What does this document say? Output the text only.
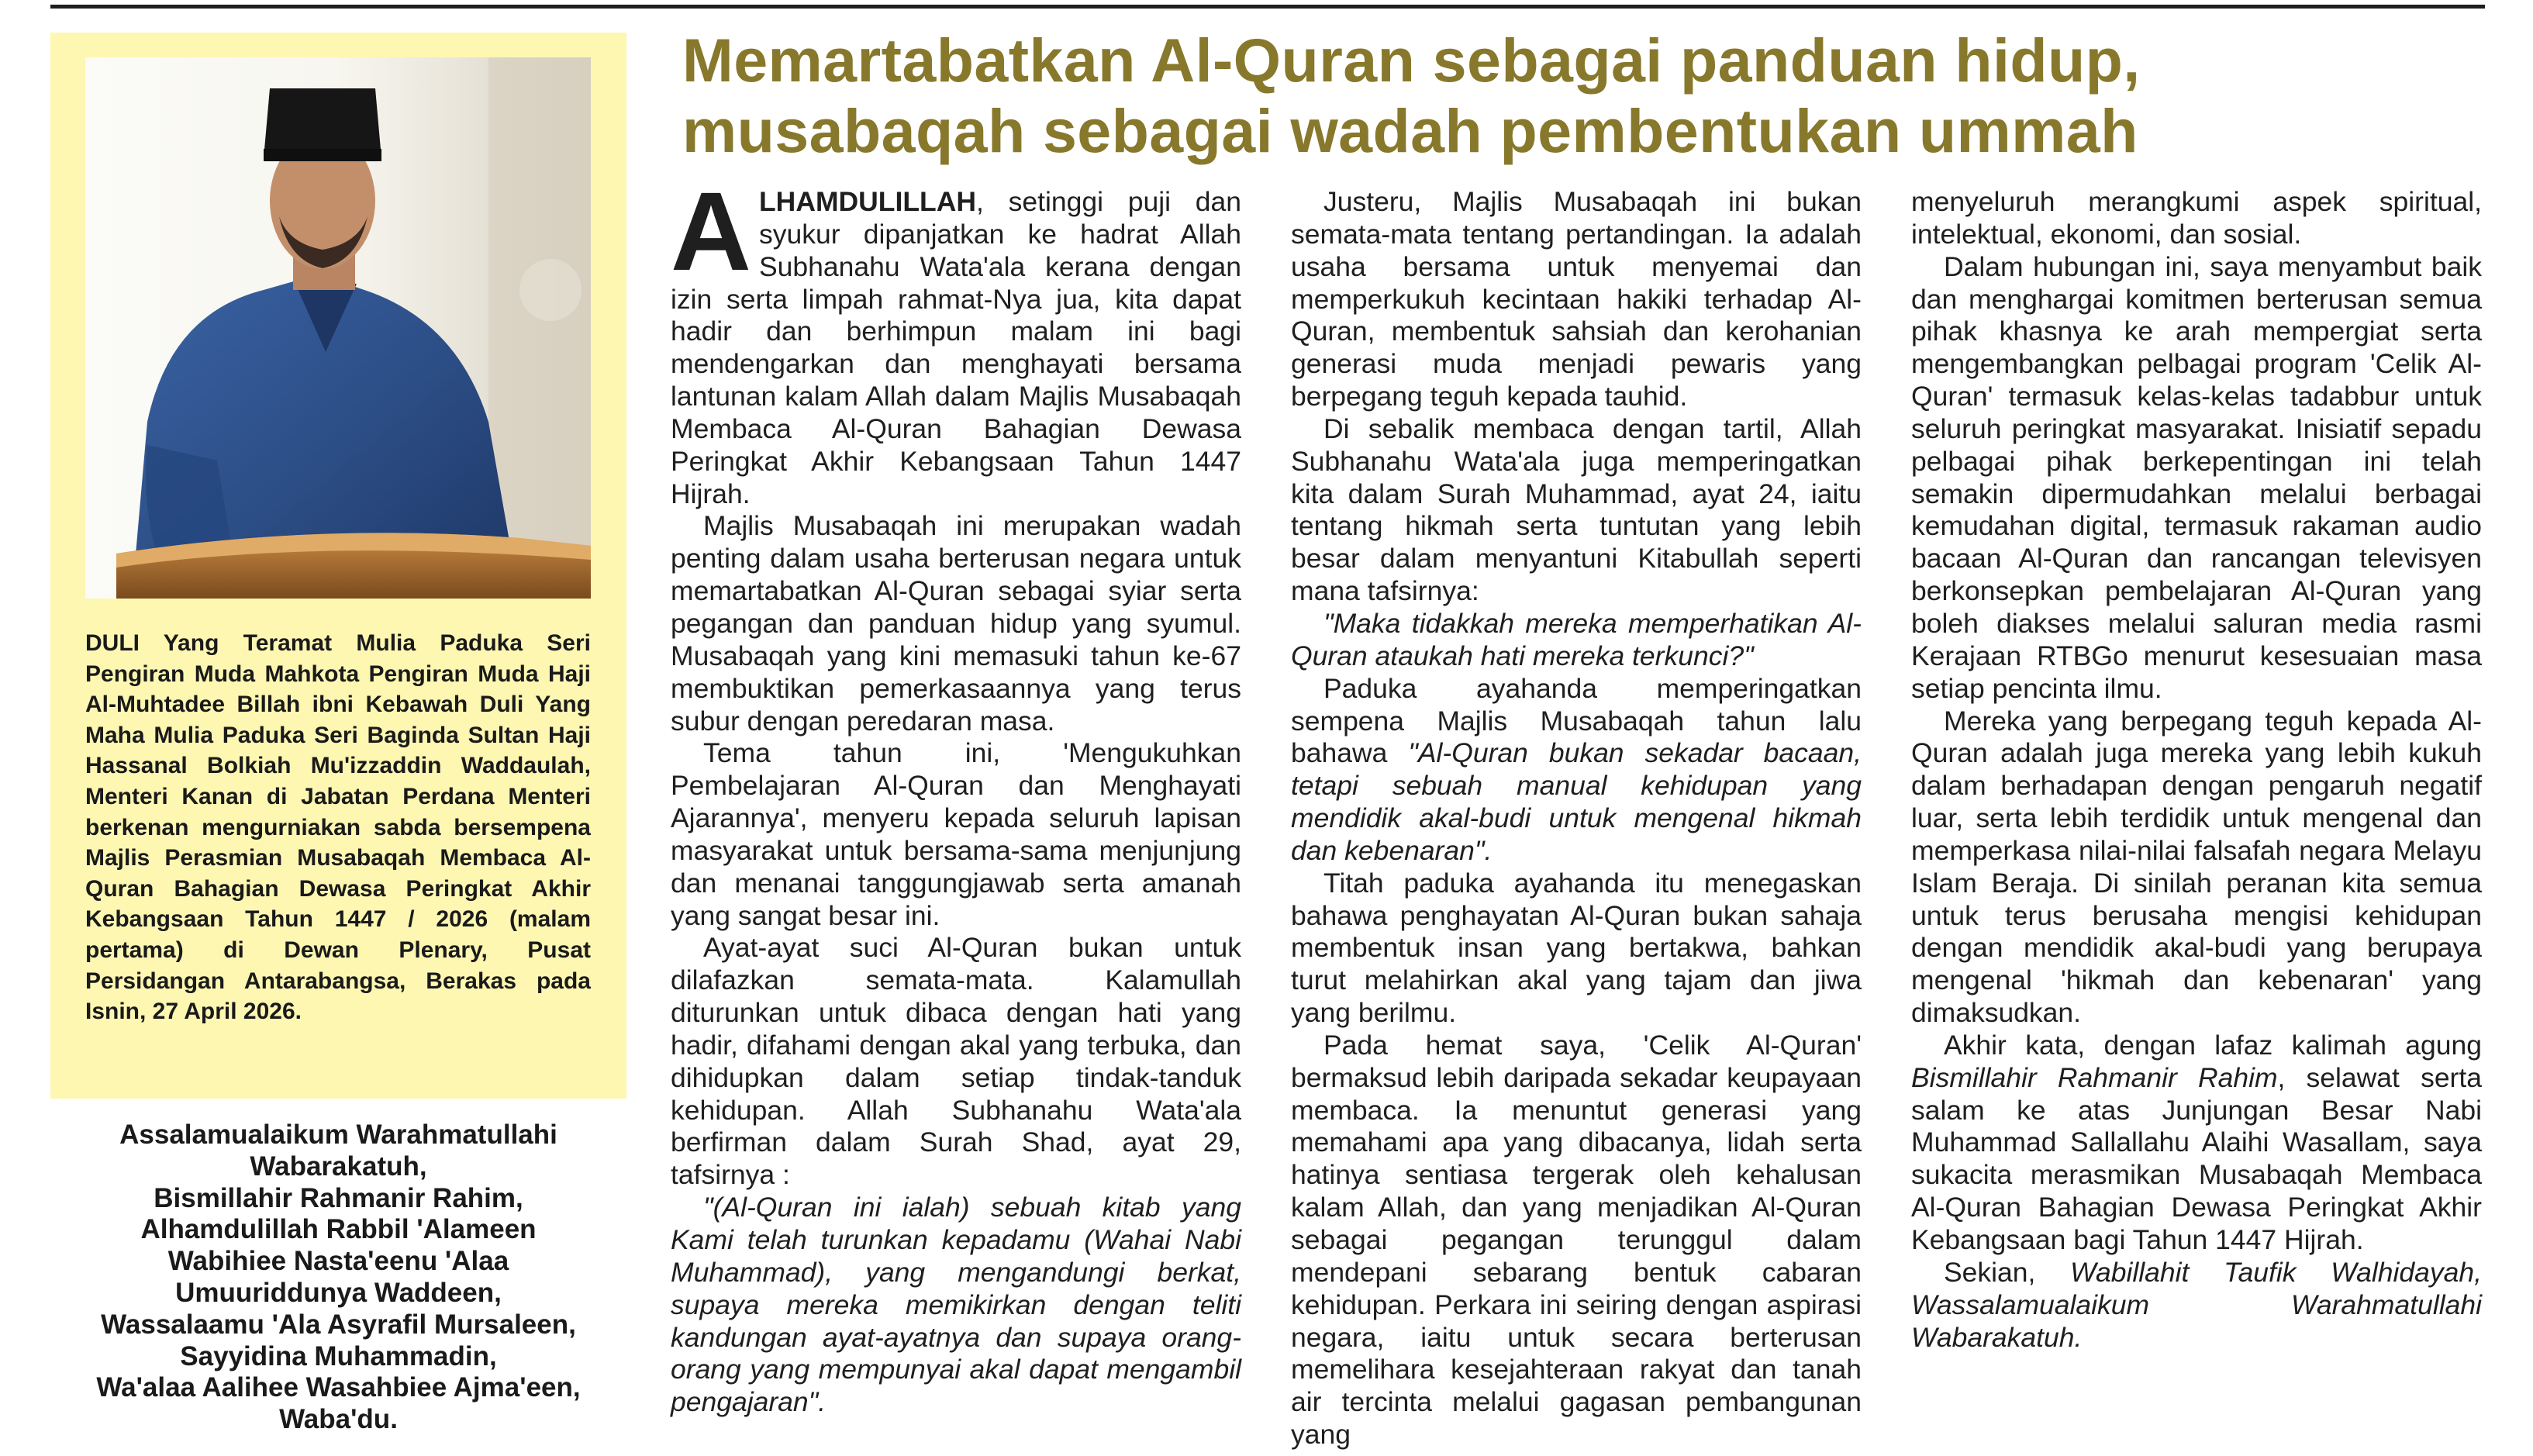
DULI Yang Teramat Mulia Paduka Seri Pengiran Muda Mahkota Pengiran Muda Haji Al-Muhtadee Billah ibni Kebawah Duli Yang Maha Mulia Paduka Seri Baginda Sultan Haji Hassanal Bolkiah Mu'izzaddin Waddaulah, Menteri Kanan di Jabatan Perdana Menteri berkenan mengurniakan sabda bersempena Majlis Perasmian Musabaqah Membaca Al-Quran Bahagian Dewasa Peringkat Akhir Kebangsaan Tahun 1447 / 2026 (malam pertama) di Dewan Plenary, Pusat Persidangan Antarabangsa, Berakas pada Isnin, 27 April 2026.

Assalamualaikum Warahmatullahi
Wabarakatuh,
Bismillahir Rahmanir Rahim,
Alhamdulillah Rabbil 'Alameen
Wabihiee Nasta'eenu 'Alaa
Umuuriddunya Waddeen,
Wassalaamu 'Ala Asyrafil Mursaleen,
Sayyidina Muhammadin,
Wa'alaa Aalihee Wasahbiee Ajma'een,
Waba'du.
Memartabatkan Al-Quran sebagai panduan hidup,
musabaqah sebagai wadah pembentukan ummah

ALHAMDULILLAH, setinggi puji dan syukur dipanjatkan ke hadrat Allah Subhanahu Wata'ala kerana dengan izin serta limpah rahmat-Nya jua, kita dapat hadir dan berhimpun malam ini bagi mendengarkan dan menghayati bersama lantunan kalam Allah dalam Majlis Musabaqah Membaca Al-Quran Bahagian Dewasa Peringkat Akhir Kebangsaan Tahun 1447 Hijrah.

Majlis Musabaqah ini merupakan wadah penting dalam usaha berterusan negara untuk memartabatkan Al-Quran sebagai syiar serta pegangan dan panduan hidup yang syumul. Musabaqah yang kini memasuki tahun ke-67 membuktikan pemerkasaannya yang terus subur dengan peredaran masa.

Tema tahun ini, 'Mengukuhkan Pembelajaran Al-Quran dan Menghayati Ajarannya', menyeru kepada seluruh lapisan masyarakat untuk bersama-sama menjunjung dan menanai tanggungjawab serta amanah yang sangat besar ini.

Ayat-ayat suci Al-Quran bukan untuk dilafazkan semata-mata. Kalamullah diturunkan untuk dibaca dengan hati yang hadir, difahami dengan akal yang terbuka, dan dihidupkan dalam setiap tindak-tanduk kehidupan. Allah Subhanahu Wata'ala berfirman dalam Surah Shad, ayat 29, tafsirnya :

"(Al-Quran ini ialah) sebuah kitab yang Kami telah turunkan kepadamu (Wahai Nabi Muhammad), yang mengandungi berkat, supaya mereka memikirkan dengan teliti kandungan ayat-ayatnya dan supaya orang-orang yang mempunyai akal dapat mengambil pengajaran".

Justeru, Majlis Musabaqah ini bukan semata-mata tentang pertandingan. Ia adalah usaha bersama untuk menyemai dan memperkukuh kecintaan hakiki terhadap Al-Quran, membentuk sahsiah dan kerohanian generasi muda menjadi pewaris yang berpegang teguh kepada tauhid.

Di sebalik membaca dengan tartil, Allah Subhanahu Wata'ala juga memperingatkan kita dalam Surah Muhammad, ayat 24, iaitu tentang hikmah serta tuntutan yang lebih besar dalam menyantuni Kitabullah seperti mana tafsirnya:

"Maka tidakkah mereka memperhatikan Al-Quran ataukah hati mereka terkunci?"

Paduka ayahanda memperingatkan sempena Majlis Musabaqah tahun lalu bahawa "Al-Quran bukan sekadar bacaan, tetapi sebuah manual kehidupan yang mendidik akal-budi untuk mengenal hikmah dan kebenaran".

Titah paduka ayahanda itu menegaskan bahawa penghayatan Al-Quran bukan sahaja membentuk insan yang bertakwa, bahkan turut melahirkan akal yang tajam dan jiwa yang berilmu.

Pada hemat saya, 'Celik Al-Quran' bermaksud lebih daripada sekadar keupayaan membaca. Ia menuntut generasi yang memahami apa yang dibacanya, lidah serta hatinya sentiasa tergerak oleh kehalusan kalam Allah, dan yang menjadikan Al-Quran sebagai pegangan terunggul dalam mendepani sebarang bentuk cabaran kehidupan. Perkara ini seiring dengan aspirasi negara, iaitu untuk secara berterusan memelihara kesejahteraan rakyat dan tanah air tercinta melalui gagasan pembangunan yang

menyeluruh merangkumi aspek spiritual, intelektual, ekonomi, dan sosial.

Dalam hubungan ini, saya menyambut baik dan menghargai komitmen berterusan semua pihak khasnya ke arah mempergiat serta mengembangkan pelbagai program 'Celik Al-Quran' termasuk kelas-kelas tadabbur untuk seluruh peringkat masyarakat. Inisiatif sepadu pelbagai pihak berkepentingan ini telah semakin dipermudahkan melalui berbagai kemudahan digital, termasuk rakaman audio bacaan Al-Quran dan rancangan televisyen berkonsepkan pembelajaran Al-Quran yang boleh diakses melalui saluran media rasmi Kerajaan RTBGo menurut kesesuaian masa setiap pencinta ilmu.

Mereka yang berpegang teguh kepada Al-Quran adalah juga mereka yang lebih kukuh dalam berhadapan dengan pengaruh negatif luar, serta lebih terdidik untuk mengenal dan memperkasa nilai-nilai falsafah negara Melayu Islam Beraja. Di sinilah peranan kita semua untuk terus berusaha mengisi kehidupan dengan mendidik akal-budi yang berupaya mengenal 'hikmah dan kebenaran' yang dimaksudkan.

Akhir kata, dengan lafaz kalimah agung Bismillahir Rahmanir Rahim, selawat serta salam ke atas Junjungan Besar Nabi Muhammad Sallallahu Alaihi Wasallam, saya sukacita merasmikan Musabaqah Membaca Al-Quran Bahagian Dewasa Peringkat Akhir Kebangsaan bagi Tahun 1447 Hijrah.

Sekian, Wabillahit Taufik Walhidayah, Wassalamualaikum Warahmatullahi Wabarakatuh.
